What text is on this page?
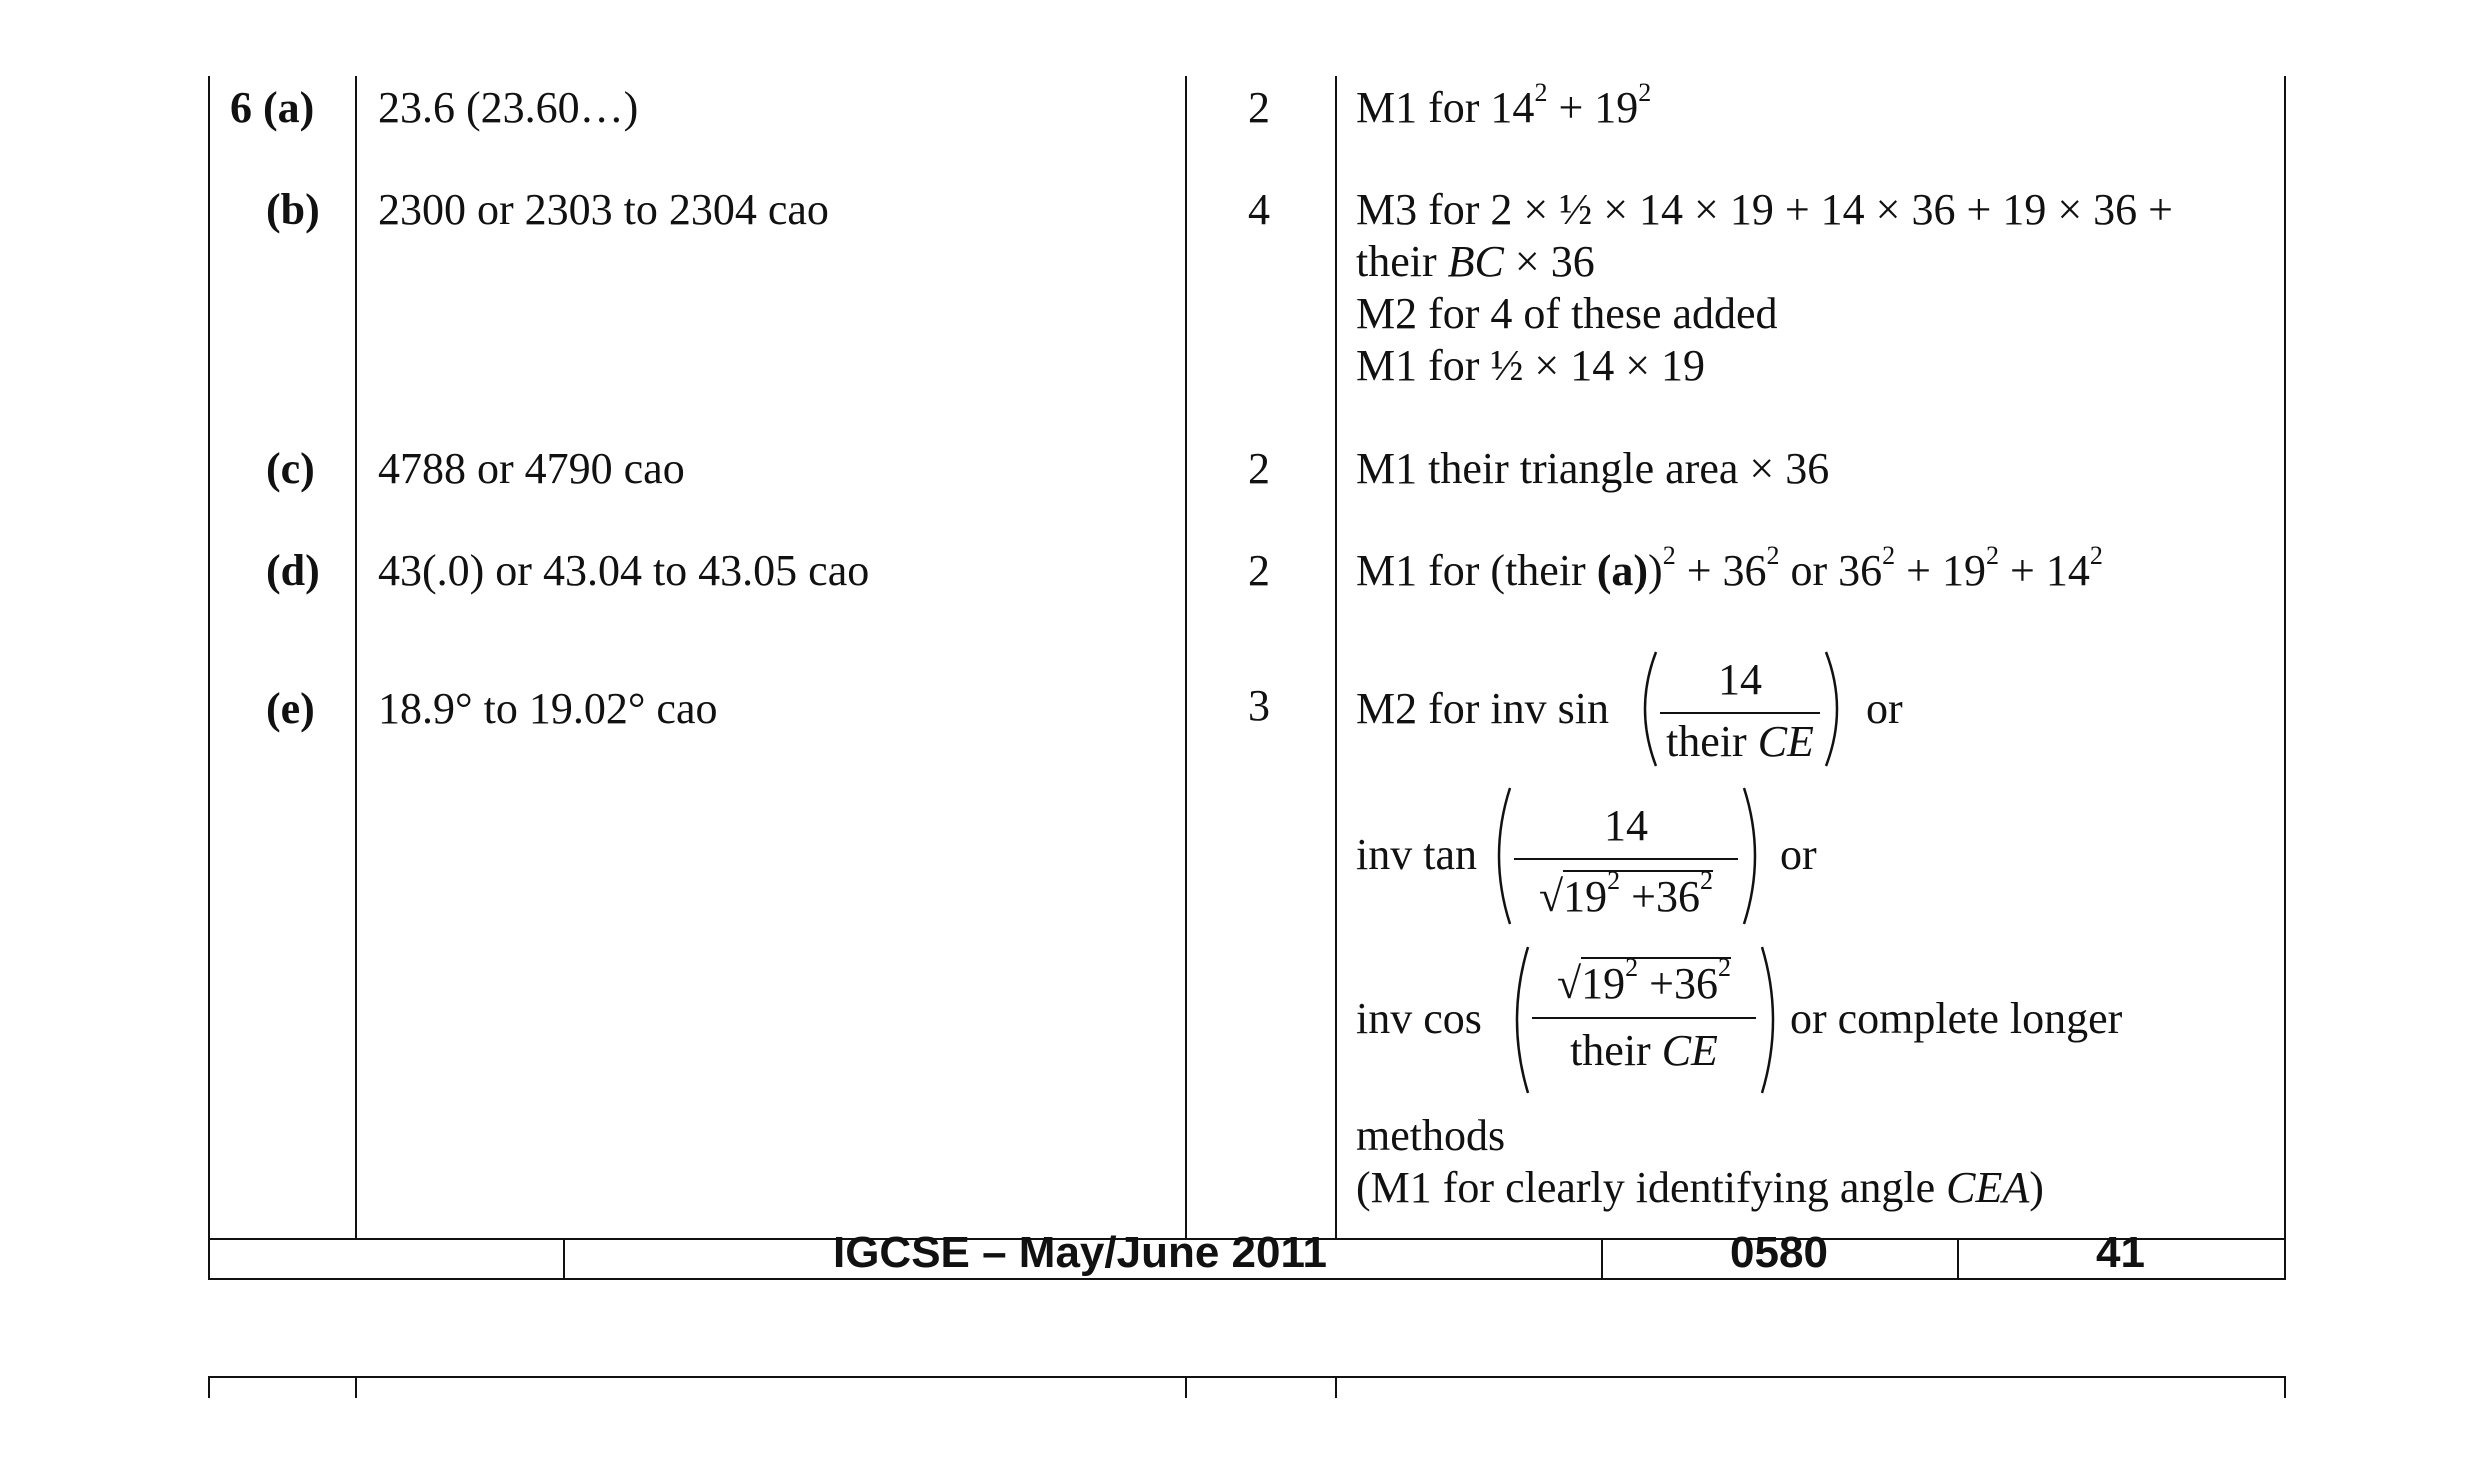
IGCSE – May/June 2011	0580	41
6 (a) 23.6 (23.60…)	2 M1 for $14^2 + 19^2$
(b) 2300 or 2303 to 2304 cao	4 M3 for 2 × ½ × 14 × 19 + 14 × 36 + 19 × 36 +
their BC × 36
M2 for 4 of these added
M1 for ½ × 14 × 19
(c) 4788 or 4790 cao	2 M1 their triangle area × 36
(d) 43(.0) or 43.04 to 43.05 cao	2 M1 for (their $(a))^2 + 36^2$ or $36^2 + 19^2 + 14^2$
(e) 18.9° to 19.02° cao	3 M2 for inv sin
14
their CE
or
inv tan
14
$√19^2 +36^2$
or
inv cos
$√19^2 +36^2$
their CE
or complete longer
methods
(M1 for clearly identifying angle CEA)
